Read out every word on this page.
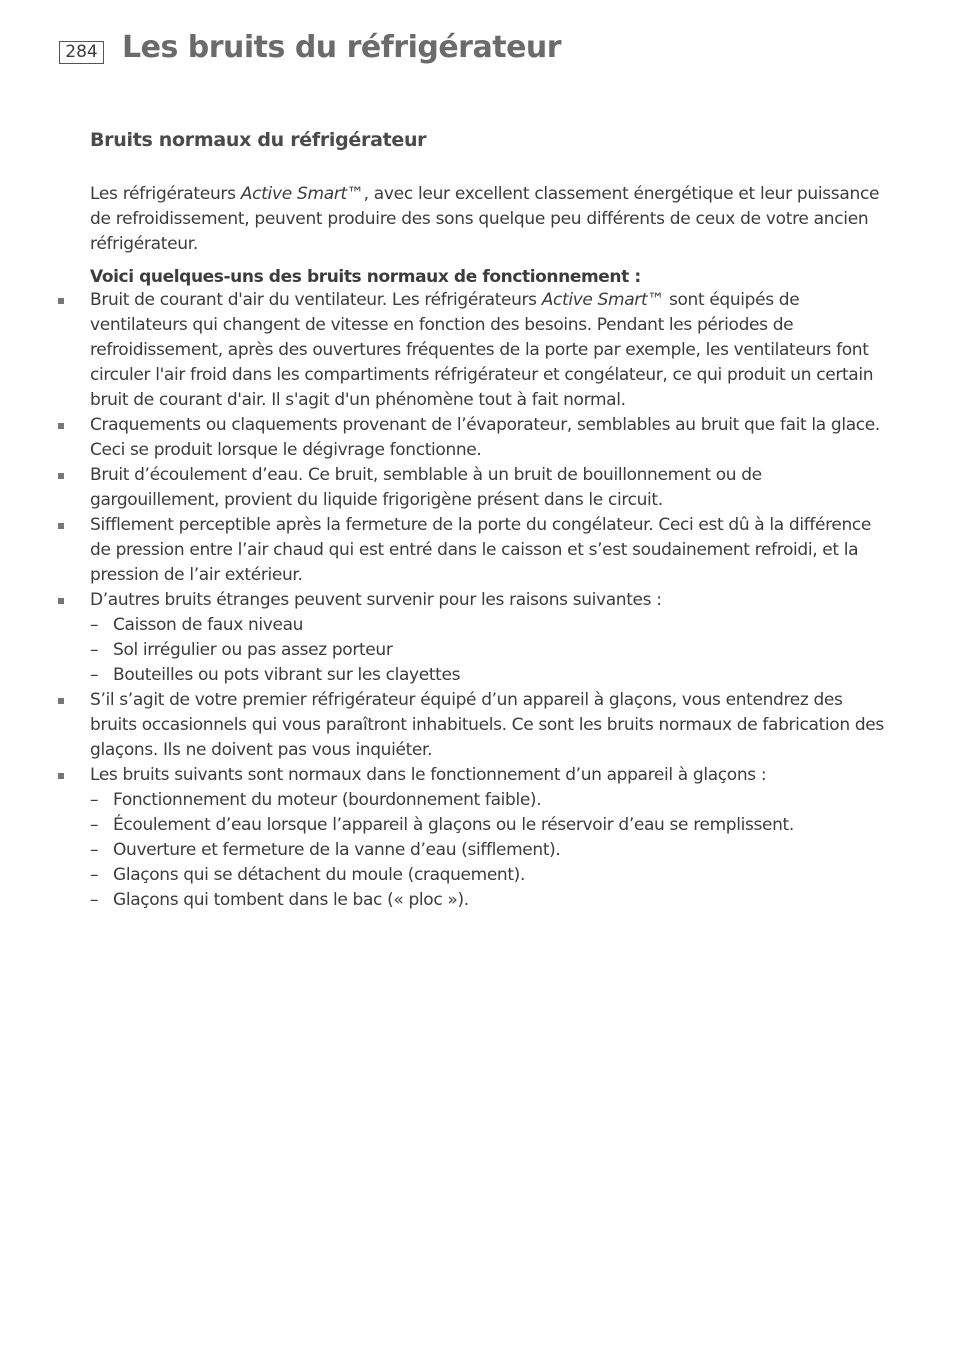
284 Les bruits du réfrigérateur
Bruits normaux du réfrigérateur

Les réfrigérateurs Active Smart™, avec leur excellent classement énergétique et leur puissance
de refroidissement, peuvent produire des sons quelque peu différents de ceux de votre ancien
réfrigérateur.

Voici quelques-uns des bruits normaux de fonctionnement :

Bruit de courant d'air du ventilateur. Les réfrigérateurs Active Smart™ sont équipés de
ventilateurs qui changent de vitesse en fonction des besoins. Pendant les périodes de
refroidissement, après des ouvertures fréquentes de la porte par exemple, les ventilateurs font
circuler l'air froid dans les compartiments réfrigérateur et congélateur, ce qui produit un certain
bruit de courant d'air. Il s'agit d'un phénomène tout à fait normal.
Craquements ou claquements provenant de l’évaporateur, semblables au bruit que fait la glace.
Ceci se produit lorsque le dégivrage fonctionne.
Bruit d’écoulement d’eau. Ce bruit, semblable à un bruit de bouillonnement ou de
gargouillement, provient du liquide frigorigène présent dans le circuit.
Sifflement perceptible après la fermeture de la porte du congélateur. Ceci est dû à la différence
de pression entre l’air chaud qui est entré dans le caisson et s’est soudainement refroidi, et la
pression de l’air extérieur.
D’autres bruits étranges peuvent survenir pour les raisons suivantes :
– Caisson de faux niveau
– Sol irrégulier ou pas assez porteur
– Bouteilles ou pots vibrant sur les clayettes
S’il s’agit de votre premier réfrigérateur équipé d’un appareil à glaçons, vous entendrez des
bruits occasionnels qui vous paraîtront inhabituels. Ce sont les bruits normaux de fabrication des
glaçons. Ils ne doivent pas vous inquiéter.
Les bruits suivants sont normaux dans le fonctionnement d’un appareil à glaçons :
– Fonctionnement du moteur (bourdonnement faible).
– Écoulement d’eau lorsque l’appareil à glaçons ou le réservoir d’eau se remplissent.
– Ouverture et fermeture de la vanne d’eau (sifflement).
– Glaçons qui se détachent du moule (craquement).
– Glaçons qui tombent dans le bac (« ploc »).
